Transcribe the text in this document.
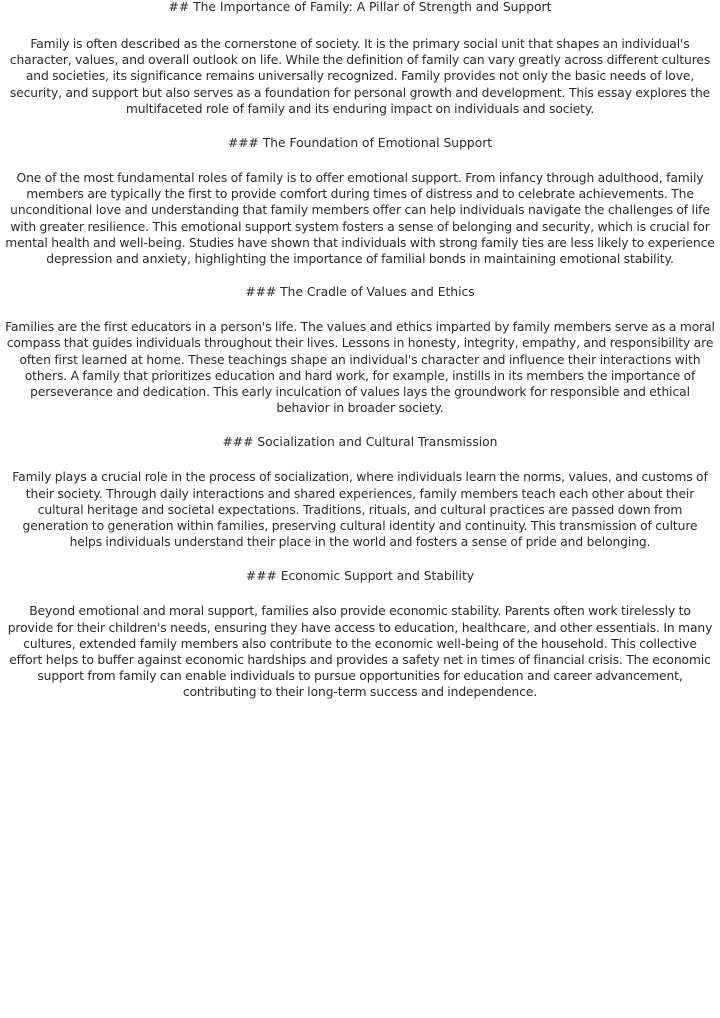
## The Importance of Family: A Pillar of Strength and Support

Family is often described as the cornerstone of society. It is the primary social unit that shapes an individual's character, values, and overall outlook on life. While the definition of family can vary greatly across different cultures and societies, its significance remains universally recognized. Family provides not only the basic needs of love, security, and support but also serves as a foundation for personal growth and development. This essay explores the multifaceted role of family and its enduring impact on individuals and society.

### The Foundation of Emotional Support

One of the most fundamental roles of family is to offer emotional support. From infancy through adulthood, family members are typically the first to provide comfort during times of distress and to celebrate achievements. The unconditional love and understanding that family members offer can help individuals navigate the challenges of life with greater resilience. This emotional support system fosters a sense of belonging and security, which is crucial for mental health and well-being. Studies have shown that individuals with strong family ties are less likely to experience depression and anxiety, highlighting the importance of familial bonds in maintaining emotional stability.

### The Cradle of Values and Ethics

Families are the first educators in a person's life. The values and ethics imparted by family members serve as a moral compass that guides individuals throughout their lives. Lessons in honesty, integrity, empathy, and responsibility are often first learned at home. These teachings shape an individual's character and influence their interactions with others. A family that prioritizes education and hard work, for example, instills in its members the importance of perseverance and dedication. This early inculcation of values lays the groundwork for responsible and ethical behavior in broader society.

### Socialization and Cultural Transmission

Family plays a crucial role in the process of socialization, where individuals learn the norms, values, and customs of their society. Through daily interactions and shared experiences, family members teach each other about their cultural heritage and societal expectations. Traditions, rituals, and cultural practices are passed down from generation to generation within families, preserving cultural identity and continuity. This transmission of culture helps individuals understand their place in the world and fosters a sense of pride and belonging.

### Economic Support and Stability

Beyond emotional and moral support, families also provide economic stability. Parents often work tirelessly to provide for their children's needs, ensuring they have access to education, healthcare, and other essentials. In many cultures, extended family members also contribute to the economic well-being of the household. This collective effort helps to buffer against economic hardships and provides a safety net in times of financial crisis. The economic support from family can enable individuals to pursue opportunities for education and career advancement, contributing to their long-term success and independence.
